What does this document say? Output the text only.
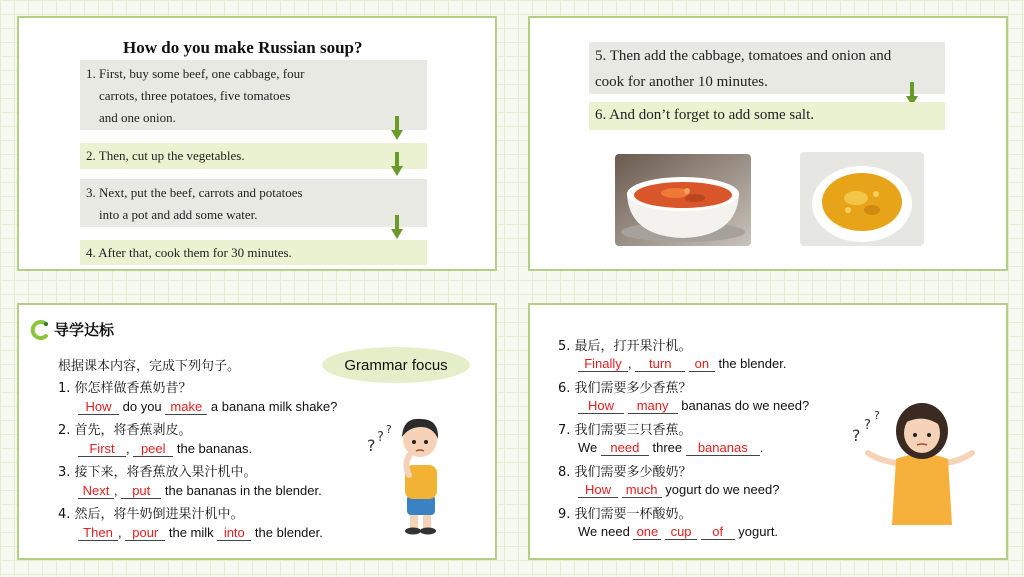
How do you make Russian soup?
1. First, buy some beef, one cabbage, four
carrots, three potatoes, five tomatoes
and one onion.
2. Then, cut up the vegetables.
3. Next, put the beef, carrots and potatoes
into a pot and add some water.
4. After that, cook them for 30 minutes.
5. Then add the cabbage, tomatoes and onion and
cook for another 10 minutes.
6. And don’t forget to add some salt.
导学达标
根据课本内容，完成下列句子。	Grammar focus
1. 你怎样做香蕉奶昔？
How do you make a banana milk shake?
2. 首先，将香蕉剥皮。
First , peel the bananas.
3. 接下来，将香蕉放入果汁机中。
Next , put the bananas in the blender.
4. 然后，将牛奶倒进果汁机中。
Then , pour the milk into the blender.
? ?
?
5. 最后，打开果汁机。
Finally , turn on the blender.
6. 我们需要多少香蕉？
How many bananas do we need?
7. 我们需要三只香蕉。
We need three bananas .
8. 我们需要多少酸奶？
How much yogurt do we need?
9. 我们需要一杯酸奶。
We need one cup of yogurt.
?
?
?
